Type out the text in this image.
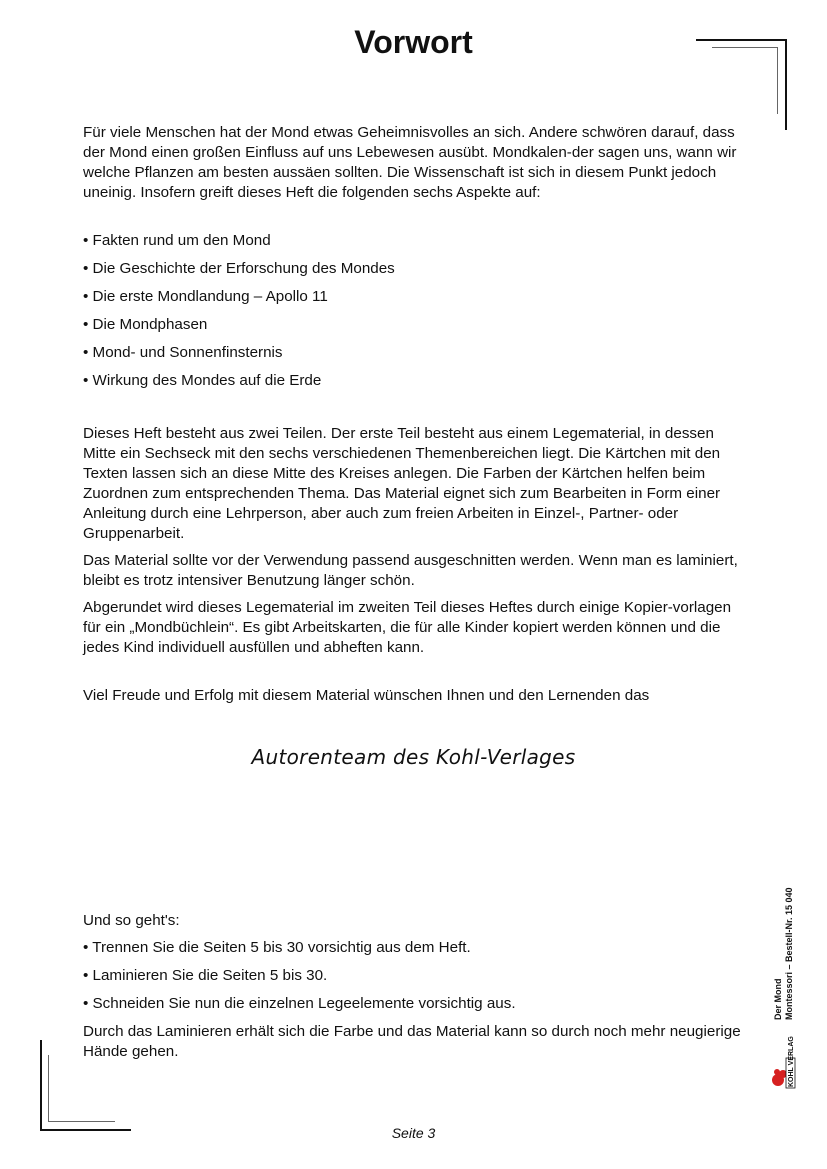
Vorwort

Für viele Menschen hat der Mond etwas Geheimnisvolles an sich. Andere schwören darauf, dass der Mond einen großen Einfluss auf uns Lebewesen ausübt. Mondkalen-der sagen uns, wann wir welche Pflanzen am besten aussäen sollten. Die Wissenschaft ist sich in diesem Punkt jedoch uneinig. Insofern greift dieses Heft die folgenden sechs Aspekte auf:

• Fakten rund um den Mond
• Die Geschichte der Erforschung des Mondes
• Die erste Mondlandung – Apollo 11
• Die Mondphasen
• Mond- und Sonnenfinsternis
• Wirkung des Mondes auf die Erde

Dieses Heft besteht aus zwei Teilen. Der erste Teil besteht aus einem Legematerial, in dessen Mitte ein Sechseck mit den sechs verschiedenen Themenbereichen liegt. Die Kärtchen mit den Texten lassen sich an diese Mitte des Kreises anlegen. Die Farben der Kärtchen helfen beim Zuordnen zum entsprechenden Thema. Das Material eignet sich zum Bearbeiten in Form einer Anleitung durch eine Lehrperson, aber auch zum freien Arbeiten in Einzel-, Partner- oder Gruppenarbeit.

Das Material sollte vor der Verwendung passend ausgeschnitten werden. Wenn man es laminiert, bleibt es trotz intensiver Benutzung länger schön.

Abgerundet wird dieses Legematerial im zweiten Teil dieses Heftes durch einige Kopier-vorlagen für ein „Mondbüchlein“. Es gibt Arbeitskarten, die für alle Kinder kopiert werden können und die jedes Kind individuell ausfüllen und abheften kann.

Viel Freude und Erfolg mit diesem Material wünschen Ihnen und den Lernenden das

Autorenteam des Kohl-Verlages

Und so geht's:

• Trennen Sie die Seiten 5 bis 30 vorsichtig aus dem Heft.
• Laminieren Sie die Seiten 5 bis 30.
• Schneiden Sie nun die einzelnen Legeelemente vorsichtig aus.

Durch das Laminieren erhält sich die Farbe und das Material kann so durch noch mehr neugierige Hände gehen.

Der Mond Montessori – Bestell-Nr. 15 040
KOHL VERLAG
Seite 3
